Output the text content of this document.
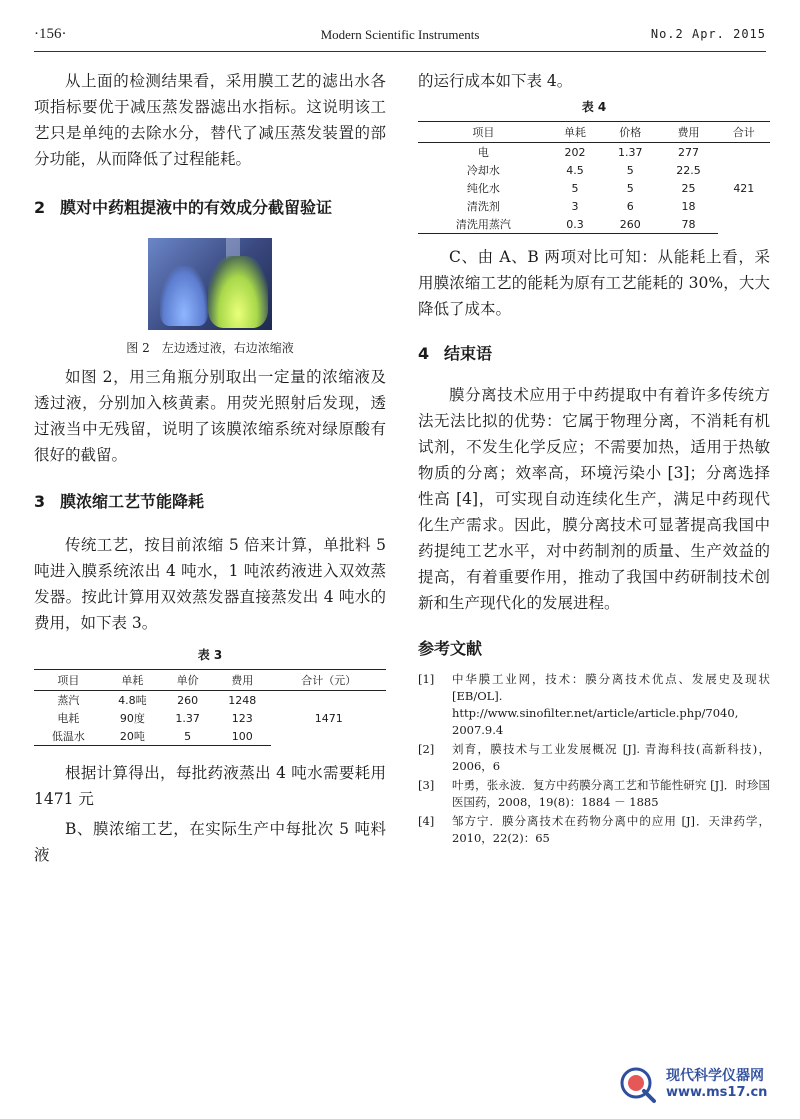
·156·	Modern Scientific Instruments	No.2 Apr. 2015

从上面的检测结果看，采用膜工艺的滤出水各项指标要优于减压蒸发器滤出水指标。这说明该工艺只是单纯的去除水分，替代了减压蒸发装置的部分功能，从而降低了过程能耗。

2 膜对中药粗提液中的有效成分截留验证
图 2　左边透过液，右边浓缩液

如图 2，用三角瓶分别取出一定量的浓缩液及透过液，分别加入核黄素。用荧光照射后发现，透过液当中无残留，说明了该膜浓缩系统对绿原酸有很好的截留。

3 膜浓缩工艺节能降耗

传统工艺，按目前浓缩 5 倍来计算，单批料 5 吨进入膜系统浓出 4 吨水，1 吨浓药液进入双效蒸发器。按此计算用双效蒸发器直接蒸发出 4 吨水的费用，如下表 3。

表 3
项目	单耗	单价	费用	合计（元）
蒸汽	4.8吨	260	1248	1471
电耗	90度	1.37	123	
低温水	20吨	5	100	

根据计算得出，每批药液蒸出 4 吨水需要耗用 1471 元

B、膜浓缩工艺，在实际生产中每批次 5 吨料液

的运行成本如下表 4。

表 4
项目	单耗	价格	费用	合计
电	202	1.37	277	421
冷却水	4.5	5	22.5	
纯化水	5	5	25	
清洗剂	3	6	18	
清洗用蒸汽	0.3	260	78	

C、由 A、B 两项对比可知：从能耗上看，采用膜浓缩工艺的能耗为原有工艺能耗的 30%，大大降低了成本。

4 结束语

膜分离技术应用于中药提取中有着许多传统方法无法比拟的优势：它属于物理分离，不消耗有机试剂，不发生化学反应；不需要加热，适用于热敏物质的分离；效率高，环境污染小 [3]；分离选择性高 [4]，可实现自动连续化生产，满足中药现代化生产需求。因此，膜分离技术可显著提高我国中药提纯工艺水平，对中药制剂的质量、生产效益的提高，有着重要作用，推动了我国中药研制技术创新和生产现代化的发展进程。

参考文献
[1] 中华膜工业网，技术：膜分离技术优点、发展史及现状 [EB/OL]. http://www.sinofilter.net/article/article.php/7040, 2007.9.4
[2] 刘育，膜技术与工业发展概况 [J]. 青海科技(高新科技)，2006，6
[3] 叶勇，张永波．复方中药膜分离工艺和节能性研究 [J]．时珍国医国药，2008，19(8)：1884 － 1885
[4] 邹方宁．膜分离技术在药物分离中的应用 [J]．天津药学，2010，22(2)：65
现代科学仪器网
www.ms17.cn
